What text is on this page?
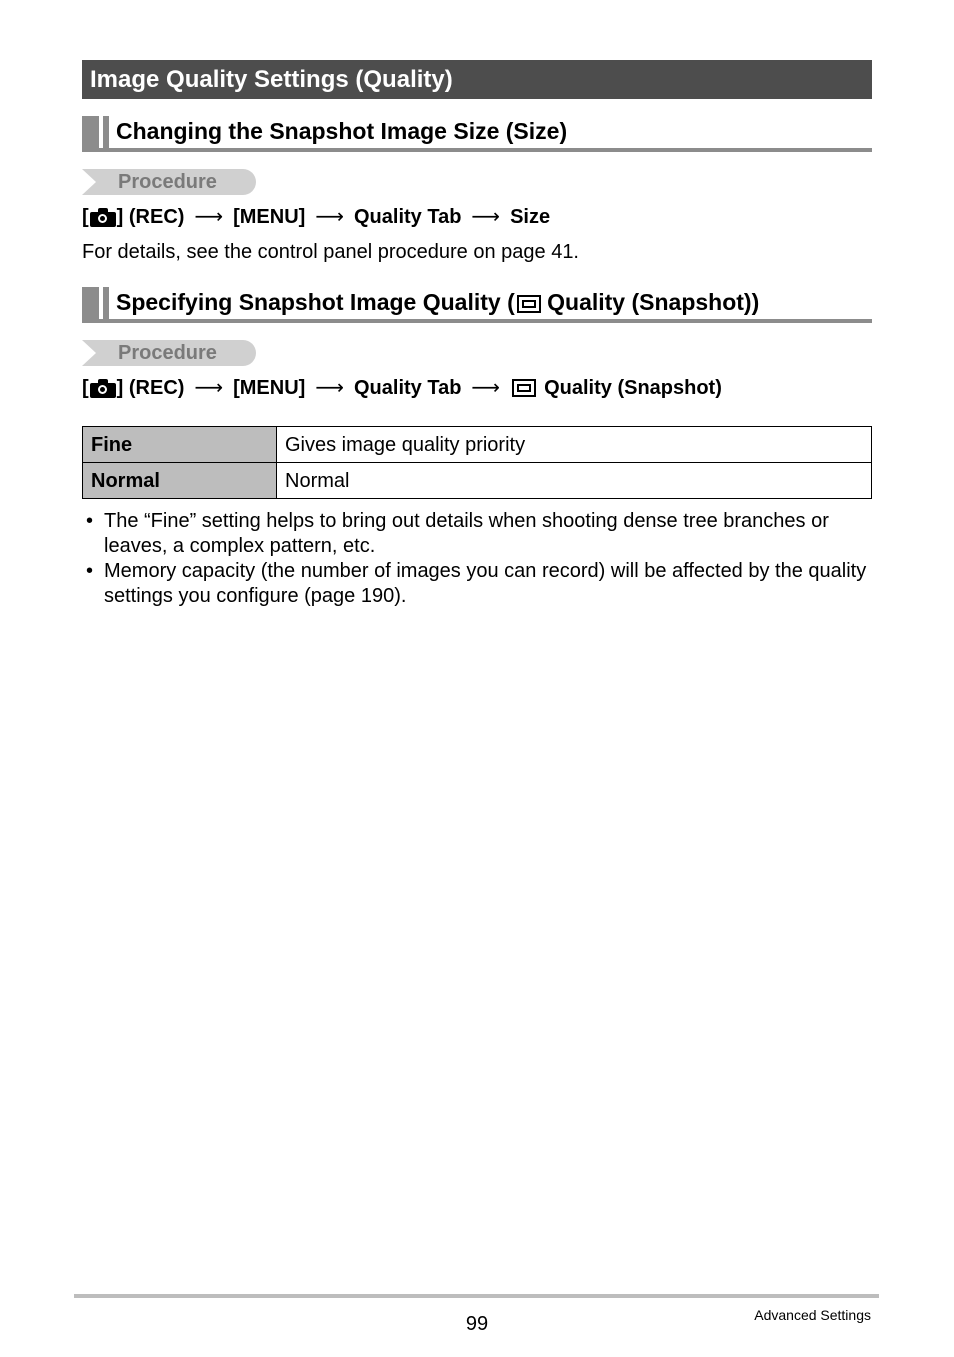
Image Quality Settings (Quality)
Changing the Snapshot Image Size (Size)
Procedure
[ ] (REC) ⟶ [MENU] ⟶ Quality Tab ⟶ Size
For details, see the control panel procedure on page 41.
Specifying Snapshot Image Quality ( Quality (Snapshot))
Procedure
[ ] (REC) ⟶ [MENU] ⟶ Quality Tab ⟶ Quality (Snapshot)
Fine	Gives image quality priority
Normal	Normal
• The “Fine” setting helps to bring out details when shooting dense tree branches or leaves, a complex pattern, etc.
• Memory capacity (the number of images you can record) will be affected by the quality settings you configure (page 190).
99	Advanced Settings
